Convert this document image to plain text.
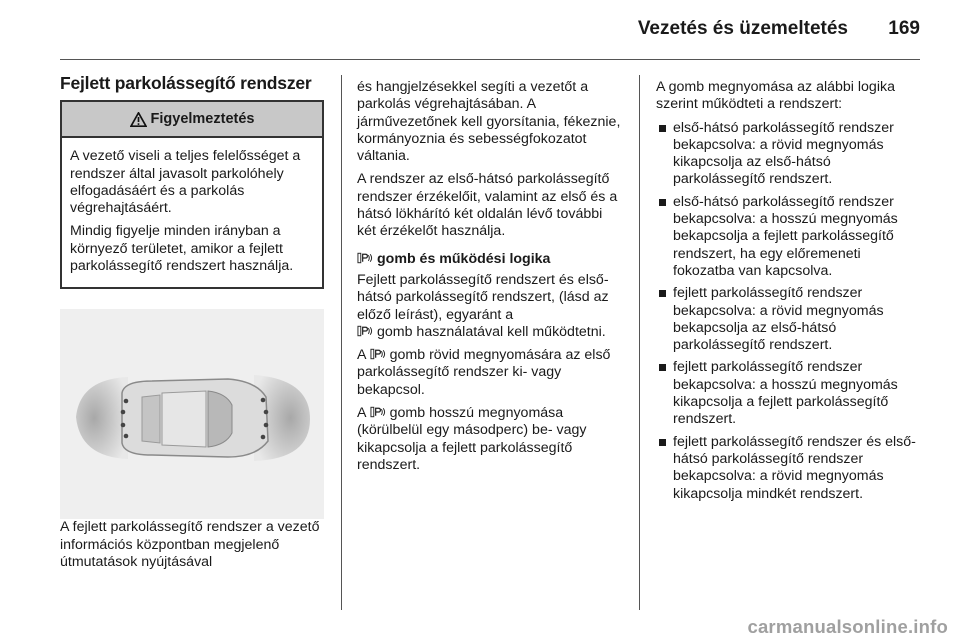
Vezetés és üzemeltetés 169
Fejlett parkolássegítő rendszer
Figyelmeztetés

A vezető viseli a teljes felelősséget a rendszer által javasolt parkolóhely elfogadásáért és a parkolás végrehajtásáért.

Mindig figyelje minden irányban a környező területet, amikor a fejlett parkolássegítő rendszert használja.

A fejlett parkolássegítő rendszer a vezető információs központban megjelenő útmutatások nyújtásával

és hangjelzésekkel segíti a vezetőt a parkolás végrehajtásában. A járművezetőnek kell gyorsítania, fékeznie, kormányoznia és sebességfokozatot váltania.

A rendszer az első-hátsó parkolássegítő rendszer érzékelőit, valamint az első és a hátsó lökhárító két oldalán lévő további két érzékelőt használja.

gomb és működési logika

Fejlett parkolássegítő rendszert és első-hátsó parkolássegítő rendszert, (lásd az előző leírást), egyaránt a
gomb használatával kell működtetni.

A gomb rövid megnyomására az első parkolássegítő rendszer ki- vagy bekapcsol.

A gomb hosszú megnyomása (körülbelül egy másodperc) be- vagy kikapcsolja a fejlett parkolássegítő rendszert.

A gomb megnyomása az alábbi logika szerint működteti a rendszert:

első-hátsó parkolássegítő rendszer bekapcsolva: a rövid megnyomás kikapcsolja az első-hátsó parkolássegítő rendszert.
első-hátsó parkolássegítő rendszer bekapcsolva: a hosszú megnyomás bekapcsolja a fejlett parkolássegítő rendszert, ha egy előremeneti fokozatba van kapcsolva.
fejlett parkolássegítő rendszer bekapcsolva: a rövid megnyomás bekapcsolja az első-hátsó parkolássegítő rendszert.
fejlett parkolássegítő rendszer bekapcsolva: a hosszú megnyomás kikapcsolja a fejlett parkolássegítő rendszert.
fejlett parkolássegítő rendszer és első-hátsó parkolássegítő rendszer bekapcsolva: a rövid megnyomás kikapcsolja mindkét rendszert.
carmanualsonline.info
